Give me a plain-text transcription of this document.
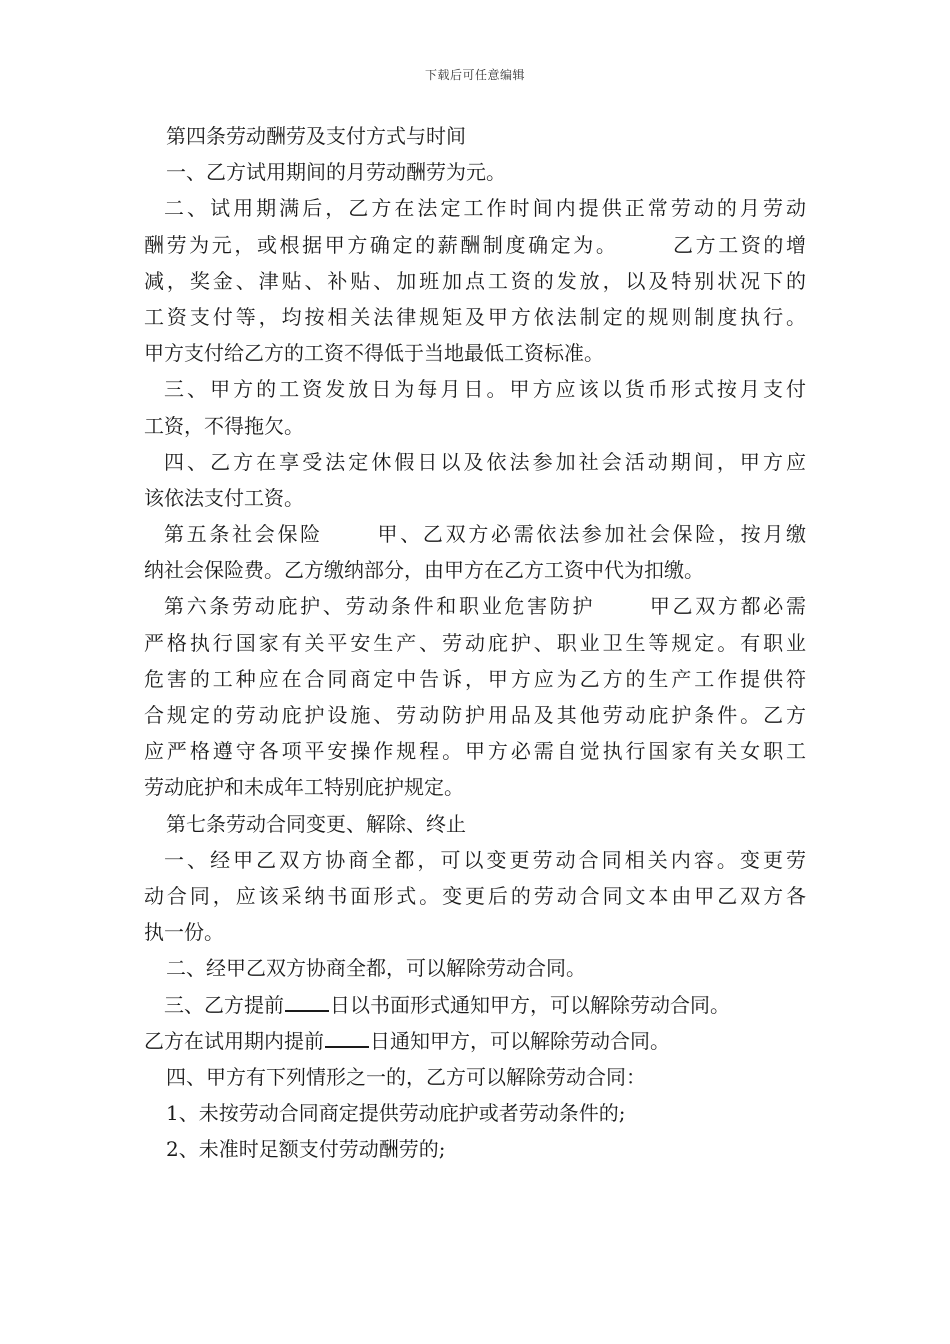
下载后可任意编辑
第四条劳动酬劳及支付方式与时间
一、乙方试用期间的月劳动酬劳为元。
二、试用期满后，乙方在法定工作时间内提供正常劳动的月劳动
酬劳为元，或根据甲方确定的薪酬制度确定为。	乙方工资的增
减，奖金、津贴、补贴、加班加点工资的发放，以及特别状况下的
工资支付等，均按相关法律规矩及甲方依法制定的规则制度执行。
甲方支付给乙方的工资不得低于当地最低工资标准。
三、甲方的工资发放日为每月日。甲方应该以货币形式按月支付
工资，不得拖欠。
四、乙方在享受法定休假日以及依法参加社会活动期间，甲方应
该依法支付工资。
第五条社会保险	甲、乙双方必需依法参加社会保险，按月缴
纳社会保险费。乙方缴纳部分，由甲方在乙方工资中代为扣缴。
第六条劳动庇护、劳动条件和职业危害防护	甲乙双方都必需
严格执行国家有关平安生产、劳动庇护、职业卫生等规定。有职业
危害的工种应在合同商定中告诉，甲方应为乙方的生产工作提供符
合规定的劳动庇护设施、劳动防护用品及其他劳动庇护条件。乙方
应严格遵守各项平安操作规程。甲方必需自觉执行国家有关女职工
劳动庇护和未成年工特别庇护规定。
第七条劳动合同变更、解除、终止
一、经甲乙双方协商全都，可以变更劳动合同相关内容。变更劳
动合同，应该采纳书面形式。变更后的劳动合同文本由甲乙双方各
执一份。
二、经甲乙双方协商全都，可以解除劳动合同。
三、乙方提前 日以书面形式通知甲方，可以解除劳动合同。
乙方在试用期内提前 日通知甲方，可以解除劳动合同。
四、甲方有下列情形之一的，乙方可以解除劳动合同：
1、未按劳动合同商定提供劳动庇护或者劳动条件的;
2、未准时足额支付劳动酬劳的;
